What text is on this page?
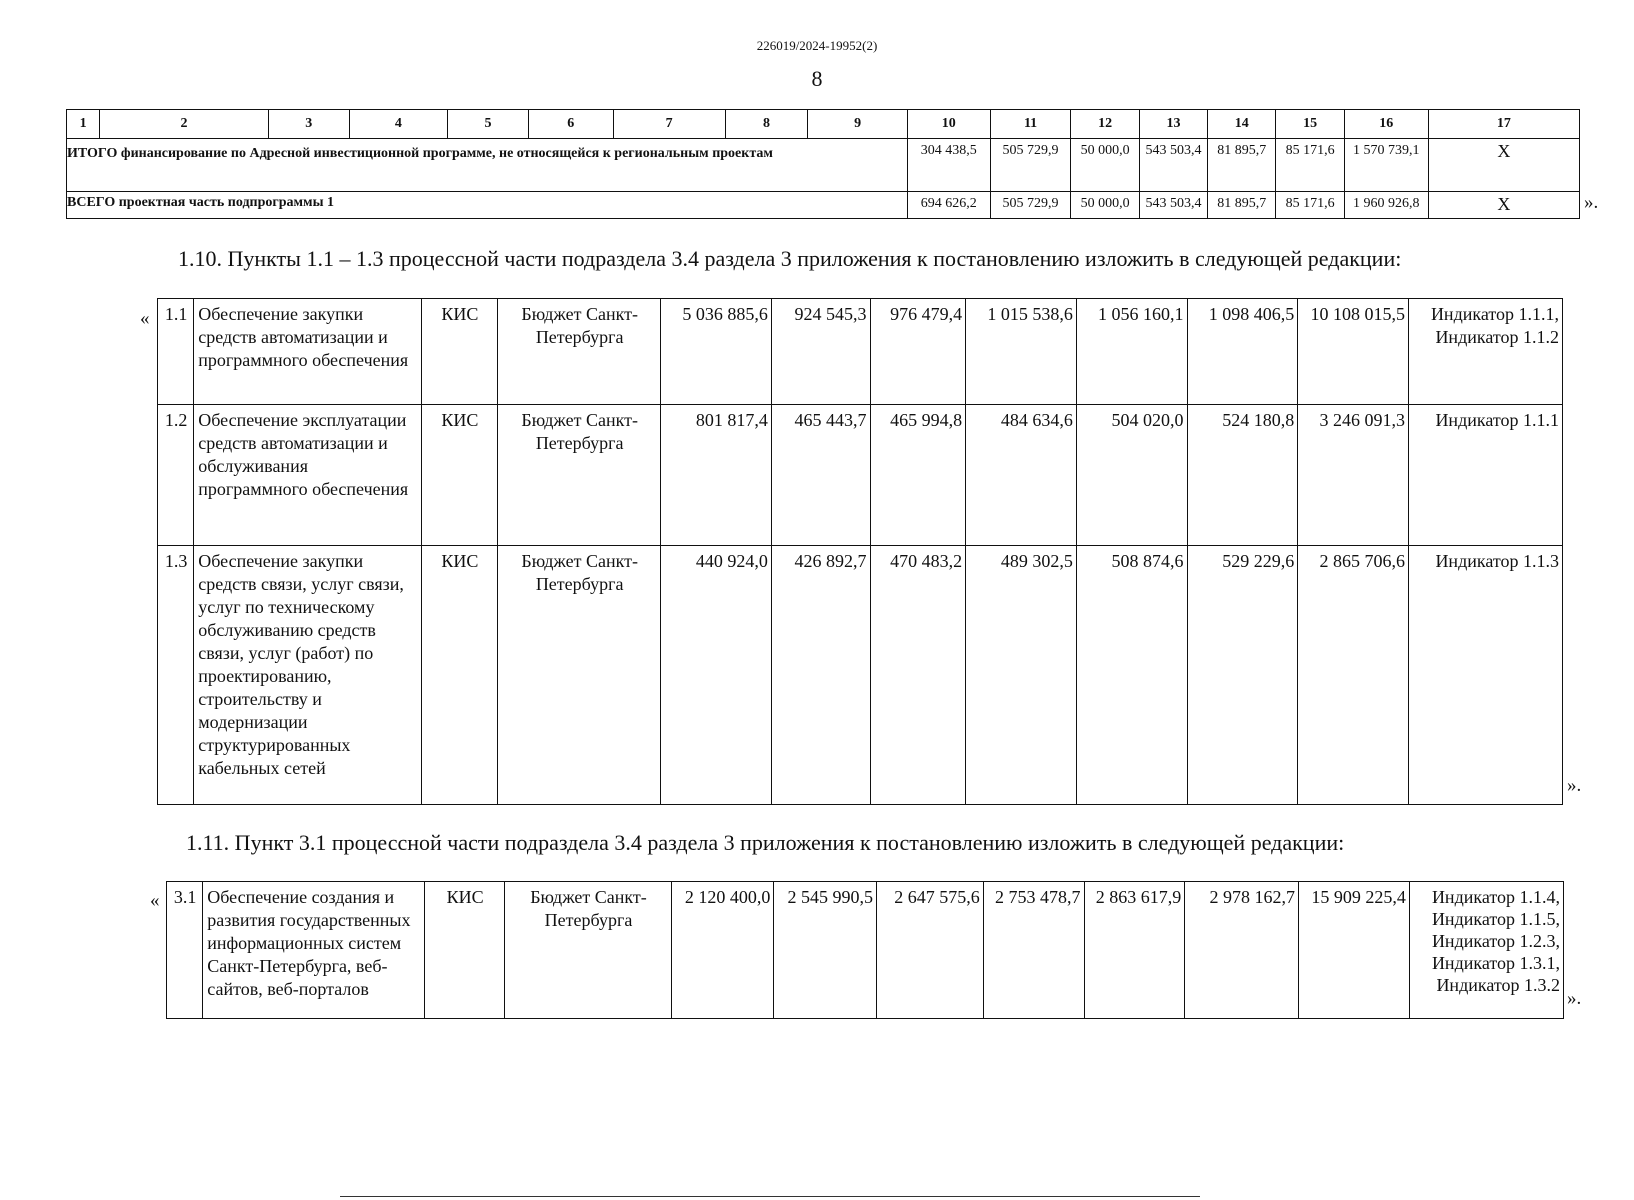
226019/2024-19952(2)
8
1	2	3	4	5	6	7	8	9	10	11	12	13	14	15	16	17
ИТОГО финансирование по Адресной инвестиционной программе, не относящейся к региональным проектам									304 438,5	505 729,9	50 000,0	543 503,4	81 895,7	85 171,6	1 570 739,1	Х
ВСЕГО проектная часть подпрограммы 1									694 626,2	505 729,9	50 000,0	543 503,4	81 895,7	85 171,6	1 960 926,8	Х	».
1.10. Пункты 1.1 – 1.3 процессной части подраздела 3.4 раздела 3 приложения к постановлению изложить в следующей редакции:
« 1.1	Обеспечение закупки средств автоматизации и программного обеспечения	КИС	Бюджет Санкт-Петербурга	5 036 885,6	924 545,3	976 479,4	1 015 538,6	1 056 160,1	1 098 406,5	10 108 015,5	Индикатор 1.1.1, Индикатор 1.1.2
1.2	Обеспечение эксплуатации средств автоматизации и обслуживания программного обеспечения	КИС	Бюджет Санкт-Петербурга	801 817,4	465 443,7	465 994,8	484 634,6	504 020,0	524 180,8	3 246 091,3	Индикатор 1.1.1
1.3	Обеспечение закупки средств связи, услуг связи, услуг по техническому обслуживанию средств связи, услуг (работ) по проектированию, строительству и модернизации структурированных кабельных сетей	КИС	Бюджет Санкт-Петербурга	440 924,0	426 892,7	470 483,2	489 302,5	508 874,6	529 229,6	2 865 706,6	Индикатор 1.1.3
».
1.11. Пункт 3.1 процессной части подраздела 3.4 раздела 3 приложения к постановлению изложить в следующей редакции:
« 3.1	Обеспечение создания и развития государственных информационных систем Санкт-Петербурга, веб-сайтов, веб-порталов	КИС	Бюджет Санкт-Петербурга	2 120 400,0	2 545 990,5	2 647 575,6	2 753 478,7	2 863 617,9	2 978 162,7	15 909 225,4	Индикатор 1.1.4, Индикатор 1.1.5, Индикатор 1.2.3, Индикатор 1.3.1, Индикатор 1.3.2
».
